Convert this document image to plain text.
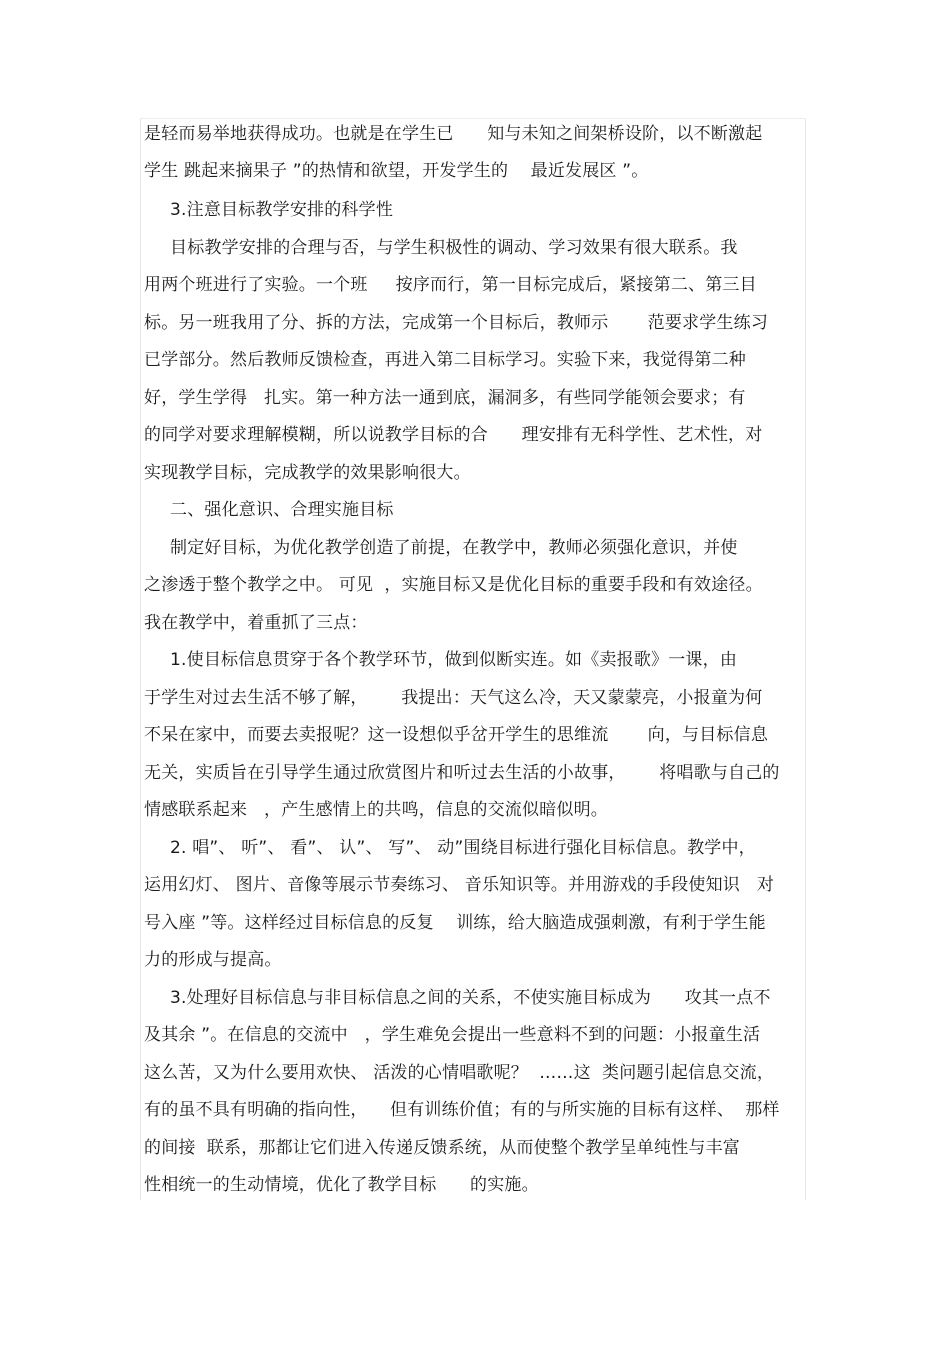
是轻而易举地获得成功。也就是在学生已      知与未知之间架桥设阶，以不断激起
学生 跳起来摘果子 ”的热情和欲望，开发学生的    最近发展区 ”。
3.注意目标教学安排的科学性
目标教学安排的合理与否，与学生积极性的调动、学习效果有很大联系。我
用两个班进行了实验。一个班     按序而行，第一目标完成后，紧接第二、第三目
标。另一班我用了分、拆的方法，完成第一个目标后，教师示       范要求学生练习
已学部分。然后教师反馈检查，再进入第二目标学习。实验下来，我觉得第二种
好，学生学得   扎实。第一种方法一通到底，漏洞多，有些同学能领会要求；有
的同学对要求理解模糊，所以说教学目标的合      理安排有无科学性、艺术性，对
实现教学目标，完成教学的效果影响很大。
二、强化意识、合理实施目标
制定好目标，为优化教学创造了前提，在教学中，教师必须强化意识，并使
之渗透于整个教学之中。 可见  ，实施目标又是优化目标的重要手段和有效途径。
我在教学中，着重抓了三点：
1.使目标信息贯穿于各个教学环节，做到似断实连。如《卖报歌》一课，由
于学生对过去生活不够了解，      我提出：天气这么冷，天又蒙蒙亮，小报童为何
不呆在家中，而要去卖报呢？这一设想似乎岔开学生的思维流       向，与目标信息
无关，实质旨在引导学生通过欣赏图片和听过去生活的小故事，      将唱歌与自己的
情感联系起来   ，产生感情上的共鸣，信息的交流似暗似明。
2. 唱”、 听”、 看”、 认”、 写”、 动”围绕目标进行强化目标信息。教学中，
运用幻灯、 图片、音像等展示节奏练习、 音乐知识等。并用游戏的手段使知识   对
号入座 ”等。这样经过目标信息的反复    训练，给大脑造成强刺激，有利于学生能
力的形成与提高。
3.处理好目标信息与非目标信息之间的关系，不使实施目标成为      攻其一点不
及其余 ”。在信息的交流中   ，学生难免会提出一些意料不到的问题：小报童生活
这么苦，又为什么要用欢快、 活泼的心情唱歌呢？  ……这  类问题引起信息交流，
有的虽不具有明确的指向性，    但有训练价值；有的与所实施的目标有这样、  那样
的间接  联系，那都让它们进入传递反馈系统，从而使整个教学呈单纯性与丰富
性相统一的生动情境，优化了教学目标      的实施。
